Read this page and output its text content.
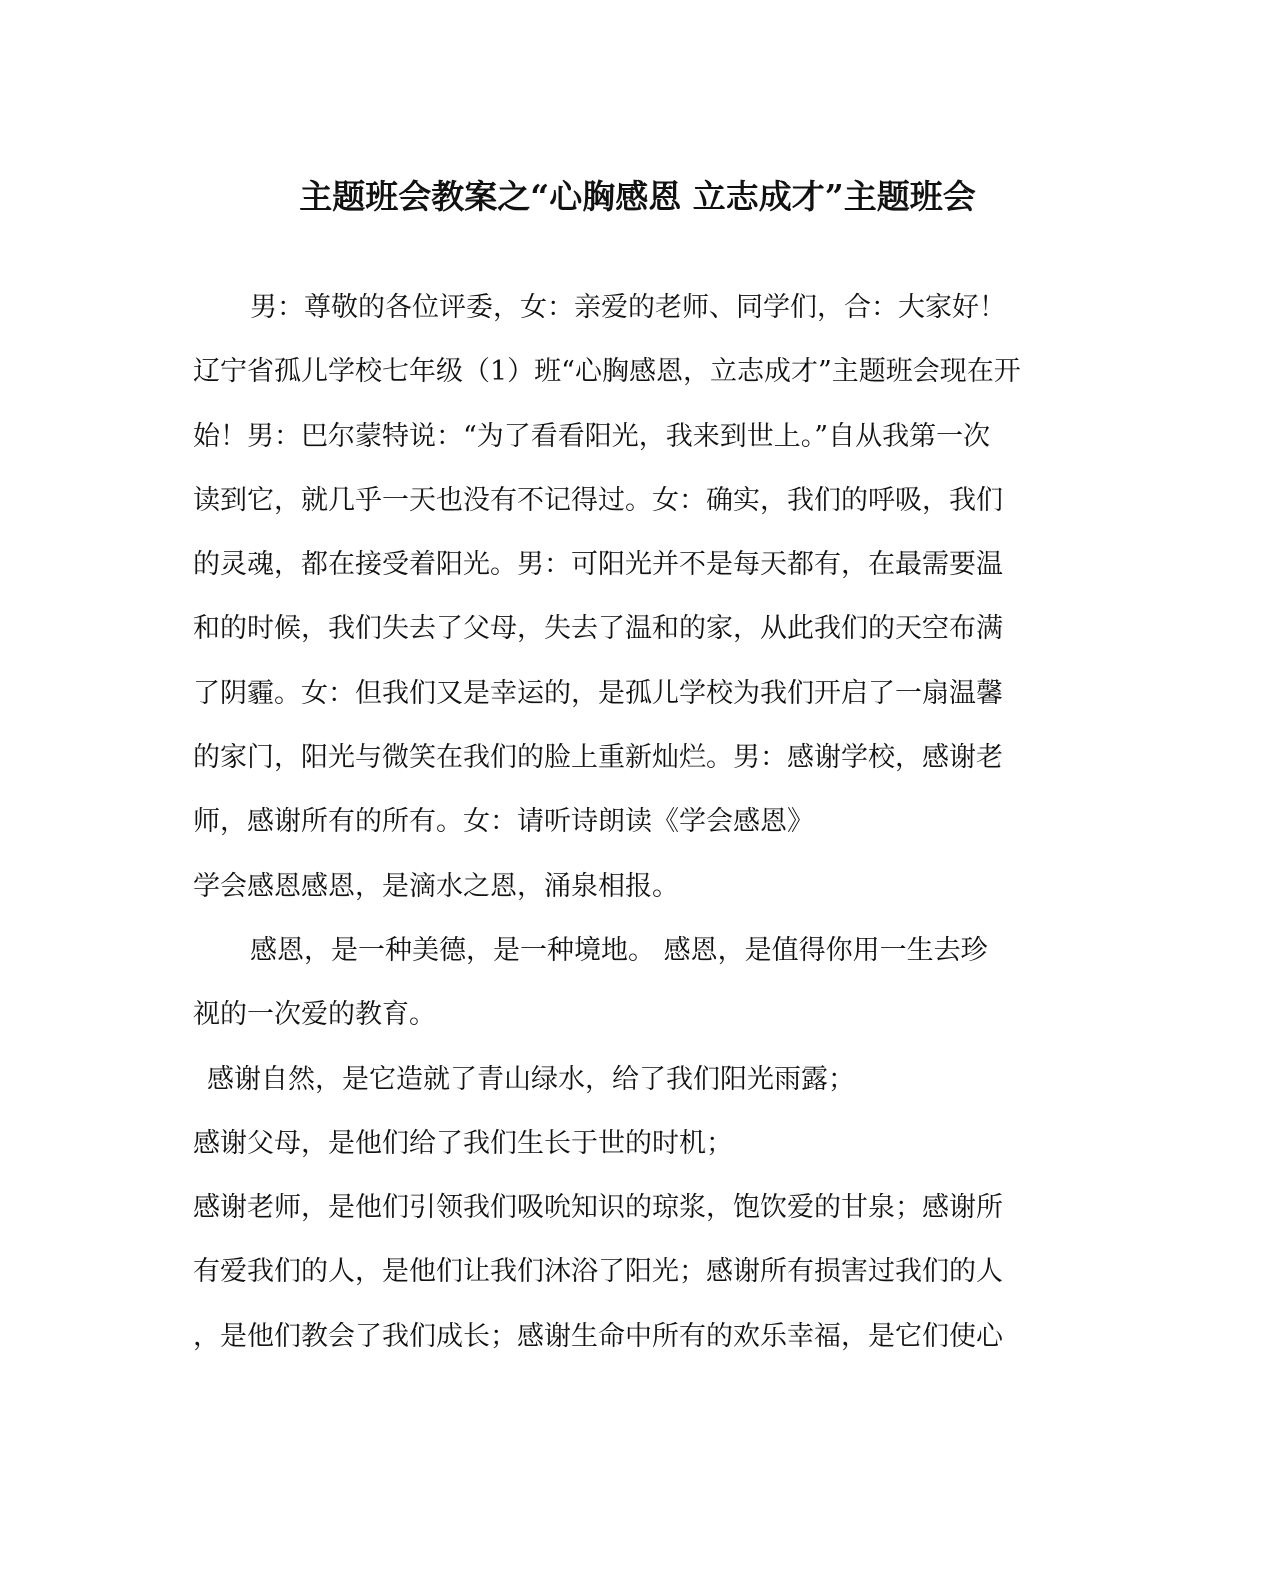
主题班会教案之“心胸感恩 立志成才”主题班会
男：尊敬的各位评委，女：亲爱的老师、同学们，合：大家好！
辽宁省孤儿学校七年级（1）班“心胸感恩，立志成才”主题班会现在开
始！男：巴尔蒙特说：“为了看看阳光，我来到世上。”自从我第一次
读到它，就几乎一天也没有不记得过。女：确实，我们的呼吸，我们
的灵魂，都在接受着阳光。男：可阳光并不是每天都有，在最需要温
和的时候，我们失去了父母，失去了温和的家，从此我们的天空布满
了阴霾。女：但我们又是幸运的，是孤儿学校为我们开启了一扇温馨
的家门，阳光与微笑在我们的脸上重新灿烂。男：感谢学校，感谢老
师，感谢所有的所有。女：请听诗朗读《学会感恩》
学会感恩感恩，是滴水之恩，涌泉相报。
感恩，是一种美德，是一种境地。 感恩，是值得你用一生去珍
视的一次爱的教育。
感谢自然，是它造就了青山绿水，给了我们阳光雨露；
感谢父母，是他们给了我们生长于世的时机；
感谢老师，是他们引领我们吸吮知识的琼浆，饱饮爱的甘泉；感谢所
有爱我们的人，是他们让我们沐浴了阳光；感谢所有损害过我们的人
，是他们教会了我们成长；感谢生命中所有的欢乐幸福，是它们使心
